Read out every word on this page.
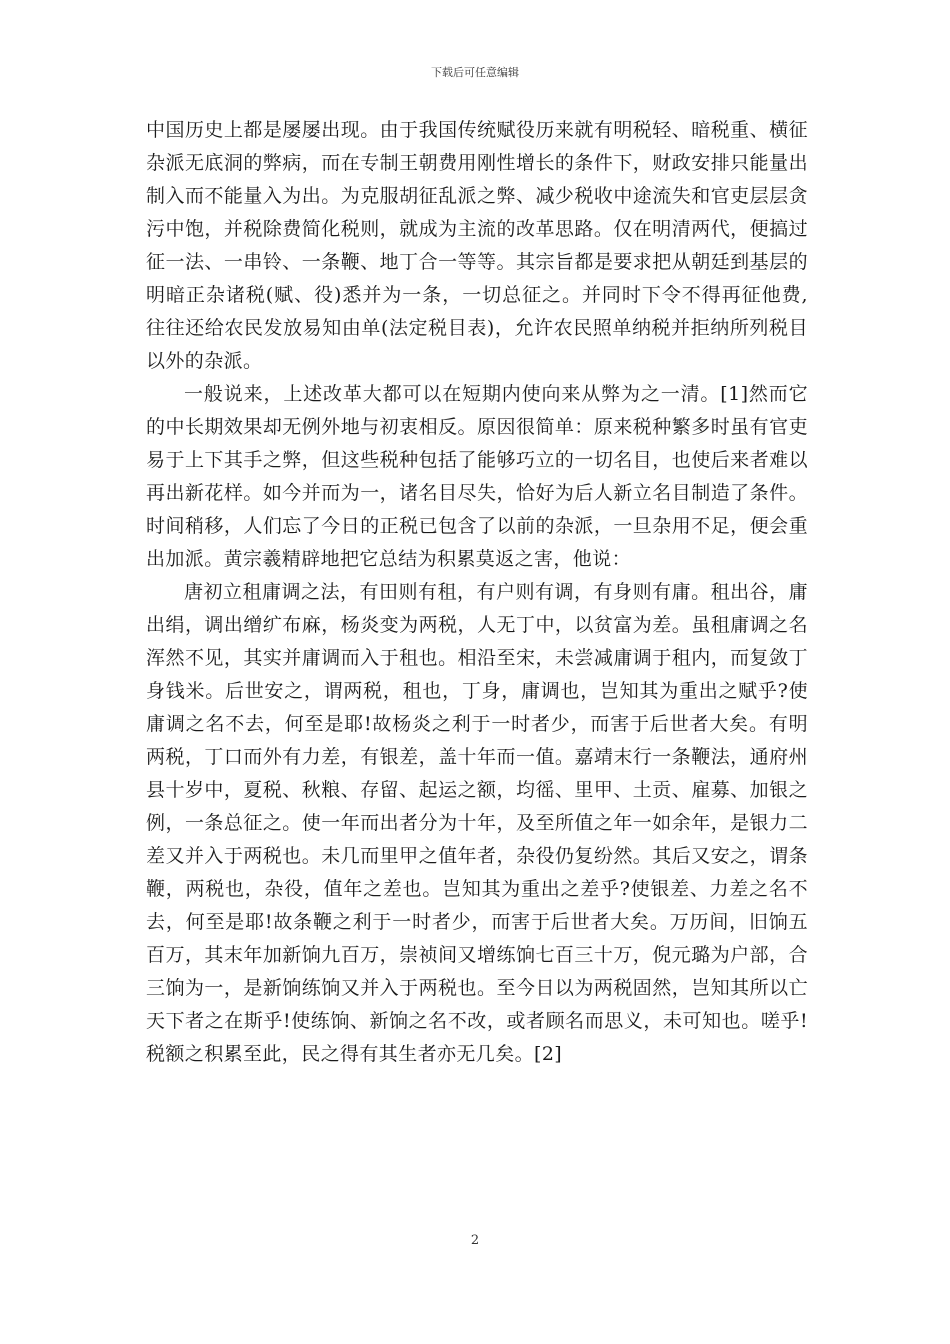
下载后可任意编辑

中国历史上都是屡屡出现。由于我国传统赋役历来就有明税轻、暗税重、横征杂派无底洞的弊病，而在专制王朝费用刚性增长的条件下，财政安排只能量出制入而不能量入为出。为克服胡征乱派之弊、减少税收中途流失和官吏层层贪污中饱，并税除费简化税则，就成为主流的改革思路。仅在明清两代，便搞过征一法、一串铃、一条鞭、地丁合一等等。其宗旨都是要求把从朝廷到基层的明暗正杂诸税(赋、役)悉并为一条，一切总征之。并同时下令不得再征他费,往往还给农民发放易知由单(法定税目表)，允许农民照单纳税并拒纳所列税目以外的杂派。

一般说来，上述改革大都可以在短期内使向来从弊为之一清。[1]然而它的中长期效果却无例外地与初衷相反。原因很简单：原来税种繁多时虽有官吏易于上下其手之弊，但这些税种包括了能够巧立的一切名目，也使后来者难以再出新花样。如今并而为一，诸名目尽失，恰好为后人新立名目制造了条件。时间稍移，人们忘了今日的正税已包含了以前的杂派，一旦杂用不足，便会重出加派。黄宗羲精辟地把它总结为积累莫返之害，他说：

唐初立租庸调之法，有田则有租，有户则有调，有身则有庸。租出谷，庸出绢，调出缯纩布麻，杨炎变为两税，人无丁中，以贫富为差。虽租庸调之名浑然不见，其实并庸调而入于租也。相沿至宋，未尝减庸调于租内，而复敛丁身钱米。后世安之，谓两税，租也，丁身，庸调也，岂知其为重出之赋乎?使庸调之名不去，何至是耶!故杨炎之利于一时者少，而害于后世者大矣。有明两税，丁口而外有力差，有银差，盖十年而一值。嘉靖末行一条鞭法，通府州县十岁中，夏税、秋粮、存留、起运之额，均徭、里甲、土贡、雇募、加银之例，一条总征之。使一年而出者分为十年，及至所值之年一如余年，是银力二差又并入于两税也。未几而里甲之值年者，杂役仍复纷然。其后又安之，谓条鞭，两税也，杂役，值年之差也。岂知其为重出之差乎?使银差、力差之名不去，何至是耶!故条鞭之利于一时者少，而害于后世者大矣。万历间，旧饷五百万，其末年加新饷九百万，崇祯间又增练饷七百三十万，倪元璐为户部，合三饷为一，是新饷练饷又并入于两税也。至今日以为两税固然，岂知其所以亡天下者之在斯乎!使练饷、新饷之名不改，或者顾名而思义，未可知也。嗟乎!税额之积累至此，民之得有其生者亦无几矣。[2]

2
